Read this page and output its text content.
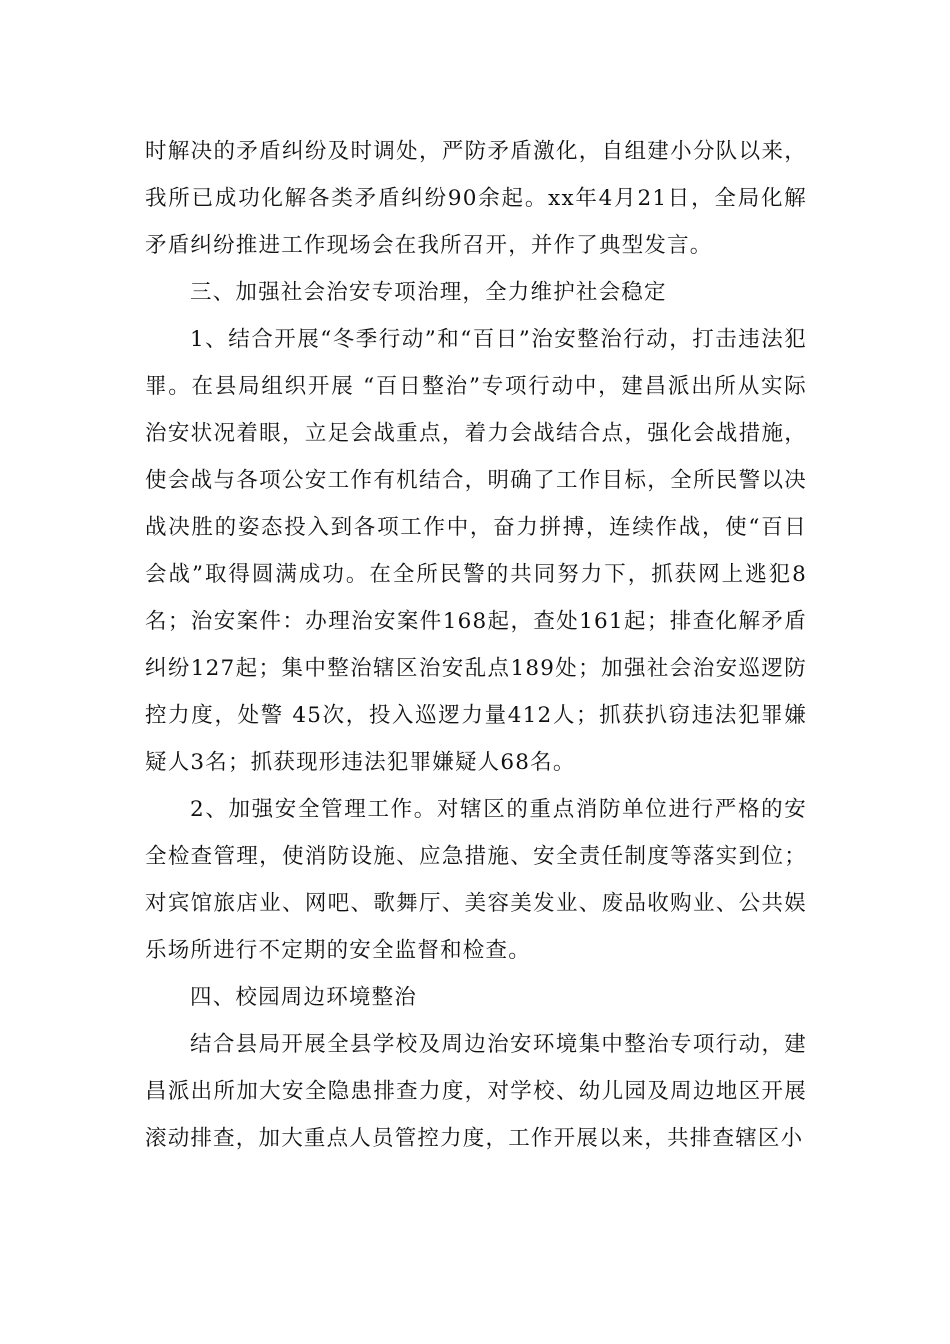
时解决的矛盾纠纷及时调处，严防矛盾激化，自组建小分队以来，我所已成功化解各类矛盾纠纷90余起。xx年4月21日，全局化解矛盾纠纷推进工作现场会在我所召开，并作了典型发言。

三、加强社会治安专项治理，全力维护社会稳定

1、结合开展“冬季行动”和“百日”治安整治行动，打击违法犯罪。在县局组织开展 “百日整治”专项行动中，建昌派出所从实际治安状况着眼，立足会战重点，着力会战结合点，强化会战措施，使会战与各项公安工作有机结合，明确了工作目标，全所民警以决战决胜的姿态投入到各项工作中，奋力拼搏，连续作战，使“百日会战”取得圆满成功。在全所民警的共同努力下，抓获网上逃犯8名；治安案件：办理治安案件168起，查处161起；排查化解矛盾纠纷127起；集中整治辖区治安乱点189处；加强社会治安巡逻防控力度，处警 45次，投入巡逻力量412人；抓获扒窃违法犯罪嫌疑人3名；抓获现形违法犯罪嫌疑人68名。

2、加强安全管理工作。对辖区的重点消防单位进行严格的安全检查管理，使消防设施、应急措施、安全责任制度等落实到位；对宾馆旅店业、网吧、歌舞厅、美容美发业、废品收购业、公共娱乐场所进行不定期的安全监督和检查。

四、校园周边环境整治

结合县局开展全县学校及周边治安环境集中整治专项行动，建昌派出所加大安全隐患排查力度，对学校、幼儿园及周边地区开展滚动排查，加大重点人员管控力度，工作开展以来，共排查辖区小
